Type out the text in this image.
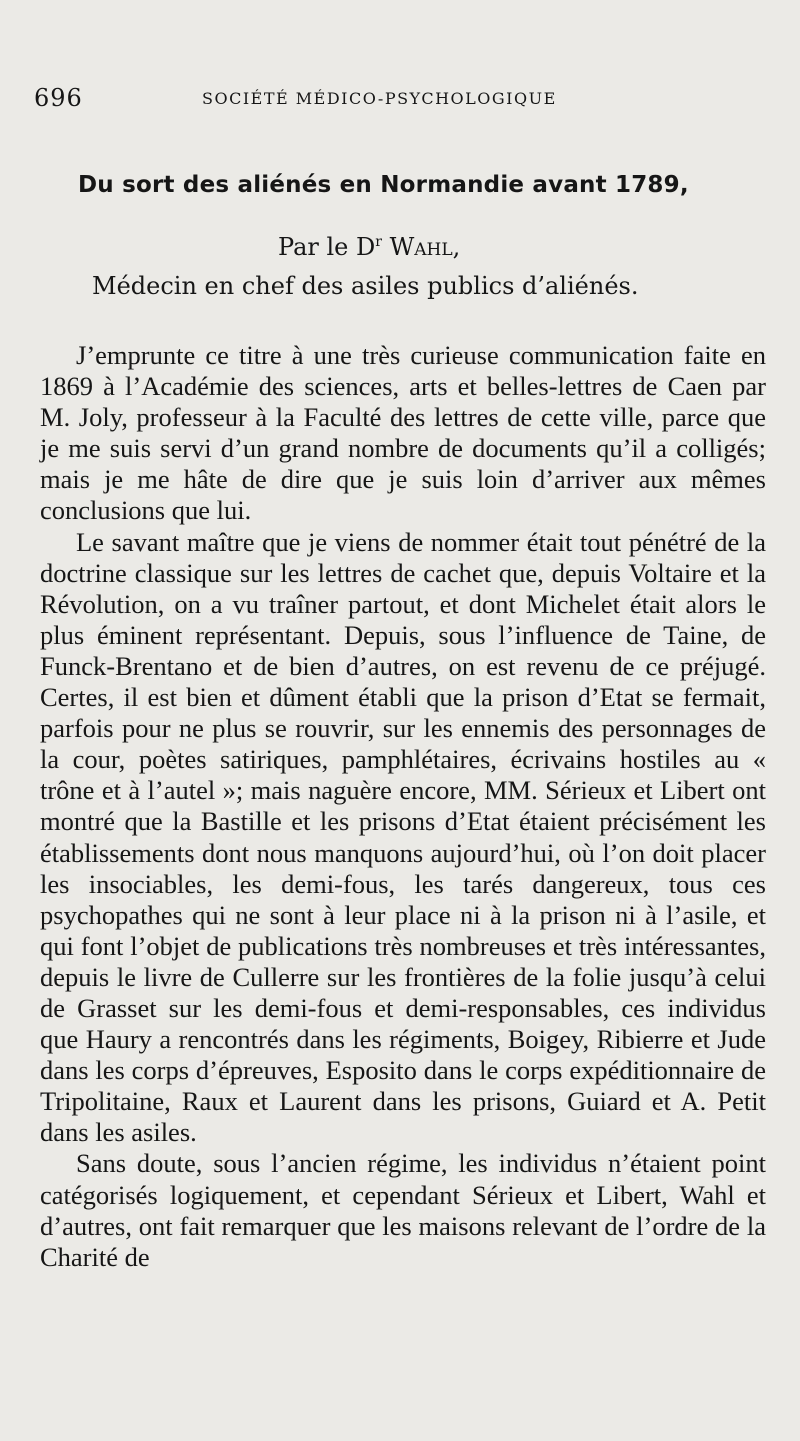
696	SOCIÉTÉ MÉDICO-PSYCHOLOGIQUE
Du sort des aliénés en Normandie avant 1789,
Par le $D^r$ Wahl,
Médecin en chef des asiles publics d’aliénés.

J’emprunte ce titre à une très curieuse communication faite en 1869 à l’Académie des sciences, arts et belles-lettres de Caen par M. Joly, professeur à la Faculté des lettres de cette ville, parce que je me suis servi d’un grand nombre de documents qu’il a colligés; mais je me hâte de dire que je suis loin d’arriver aux mêmes conclusions que lui.

Le savant maître que je viens de nommer était tout pénétré de la doctrine classique sur les lettres de cachet que, depuis Voltaire et la Révolution, on a vu traîner partout, et dont Michelet était alors le plus éminent représentant. Depuis, sous l’influence de Taine, de Funck-Brentano et de bien d’autres, on est revenu de ce préjugé. Certes, il est bien et dûment établi que la prison d’Etat se fermait, parfois pour ne plus se rouvrir, sur les ennemis des personnages de la cour, poètes satiriques, pamphlétaires, écrivains hostiles au « trône et à l’autel »; mais naguère encore, MM. Sérieux et Libert ont montré que la Bastille et les prisons d’Etat étaient précisément les établissements dont nous manquons aujourd’hui, où l’on doit placer les insociables, les demi-fous, les tarés dangereux, tous ces psychopathes qui ne sont à leur place ni à la prison ni à l’asile, et qui font l’objet de publications très nombreuses et très intéressantes, depuis le livre de Cullerre sur les frontières de la folie jusqu’à celui de Grasset sur les demi-fous et demi-responsables, ces individus que Haury a rencontrés dans les régiments, Boigey, Ribierre et Jude dans les corps d’épreuves, Esposito dans le corps expéditionnaire de Tripolitaine, Raux et Laurent dans les prisons, Guiard et A. Petit dans les asiles.

Sans doute, sous l’ancien régime, les individus n’étaient point catégorisés logiquement, et cependant Sérieux et Libert, Wahl et d’autres, ont fait remarquer que les maisons relevant de l’ordre de la Charité de
